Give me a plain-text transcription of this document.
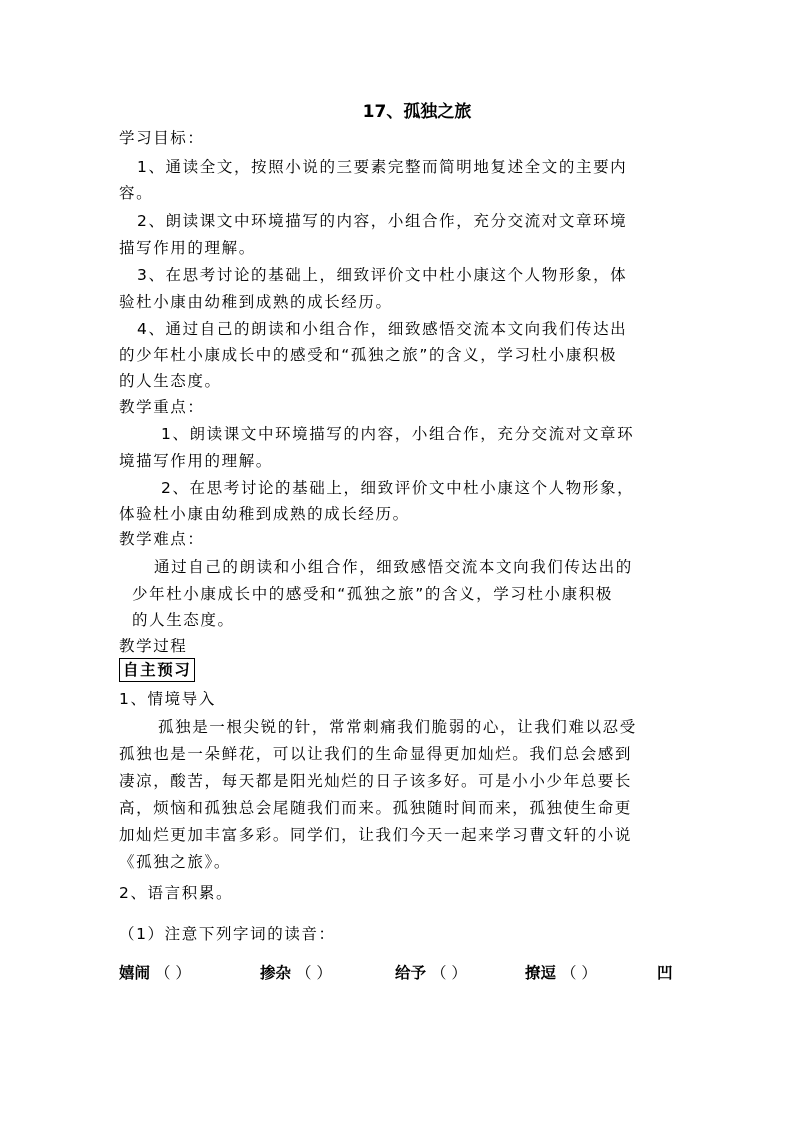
17、孤独之旅
学习目标：
1、通读全文，按照小说的三要素完整而简明地复述全文的主要内
容。
2、朗读课文中环境描写的内容，小组合作，充分交流对文章环境
描写作用的理解。
3、在思考讨论的基础上，细致评价文中杜小康这个人物形象，体
验杜小康由幼稚到成熟的成长经历。
4、通过自己的朗读和小组合作，细致感悟交流本文向我们传达出
的少年杜小康成长中的感受和“孤独之旅”的含义，学习杜小康积极
的人生态度。
教学重点：
1、朗读课文中环境描写的内容，小组合作，充分交流对文章环
境描写作用的理解。
2、在思考讨论的基础上，细致评价文中杜小康这个人物形象，
体验杜小康由幼稚到成熟的成长经历。
教学难点：
通过自己的朗读和小组合作，细致感悟交流本文向我们传达出的
少年杜小康成长中的感受和“孤独之旅”的含义，学习杜小康积极
的人生态度。
教学过程
自主预习
1、情境导入
孤独是一根尖锐的针，常常刺痛我们脆弱的心，让我们难以忍受
孤独也是一朵鲜花，可以让我们的生命显得更加灿烂。我们总会感到
凄凉，酸苦，每天都是阳光灿烂的日子该多好。可是小小少年总要长
高，烦恼和孤独总会尾随我们而来。孤独随时间而来，孤独使生命更
加灿烂更加丰富多彩。同学们，让我们今天一起来学习曹文轩的小说
《孤独之旅》。
2、语言积累。
（1）注意下列字词的读音：
嬉闹 （ ）	掺杂 （ ）	给予 （ ）	撩逗 （ ）	凹
